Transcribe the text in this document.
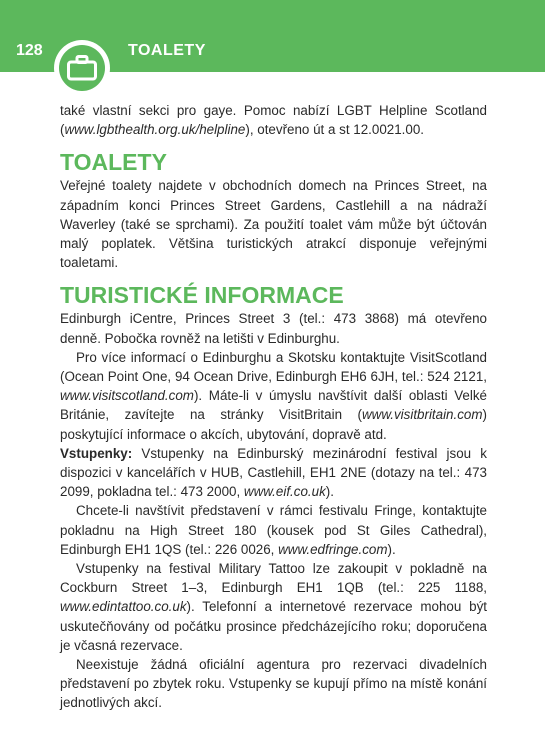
128	TOALETY

také vlastní sekci pro gaye. Pomoc nabízí LGBT Helpline Scotland (www.lgbthealth.org.uk/helpline), otevřeno út a st 12.0021.00.

TOALETY

Veřejné toalety najdete v obchodních domech na Princes Street, na západním konci Princes Street Gardens, Castlehill a na nádraží Waverley (také se sprchami). Za použití toalet vám může být účtován malý poplatek. Většina turistických atrakcí disponuje veřejnými toaletami.

TURISTICKÉ INFORMACE

Edinburgh iCentre, Princes Street 3 (tel.: 473 3868) má otevřeno denně. Pobočka rovněž na letišti v Edinburghu.

Pro více informací o Edinburghu a Skotsku kontaktujte VisitScotland (Ocean Point One, 94 Ocean Drive, Edinburgh EH6 6JH, tel.: 524 2121, www.visitscotland.com). Máte-li v úmyslu navštívit další oblasti Velké Británie, zavítejte na stránky VisitBritain (www.visitbritain.com) poskytující informace o akcích, ubytování, dopravě atd.

Vstupenky: Vstupenky na Edinburský mezinárodní festival jsou k dispozici v kancelářích v HUB, Castlehill, EH1 2NE (dotazy na tel.: 473 2099, pokladna tel.: 473 2000, www.eif.co.uk).

Chcete-li navštívit představení v rámci festivalu Fringe, kontaktujte pokladnu na High Street 180 (kousek pod St Giles Cathedral), Edinburgh EH1 1QS (tel.: 226 0026, www.edfringe.com).

Vstupenky na festival Military Tattoo lze zakoupit v pokladně na Cockburn Street 1–3, Edinburgh EH1 1QB (tel.: 225 1188, www.edintattoo.co.uk). Telefonní a internetové rezervace mohou být uskutečňovány od počátku prosince předcházejícího roku; doporučena je včasná rezervace.

Neexistuje žádná oficiální agentura pro rezervaci divadelních představení po zbytek roku. Vstupenky se kupují přímo na místě konání jednotlivých akcí.
